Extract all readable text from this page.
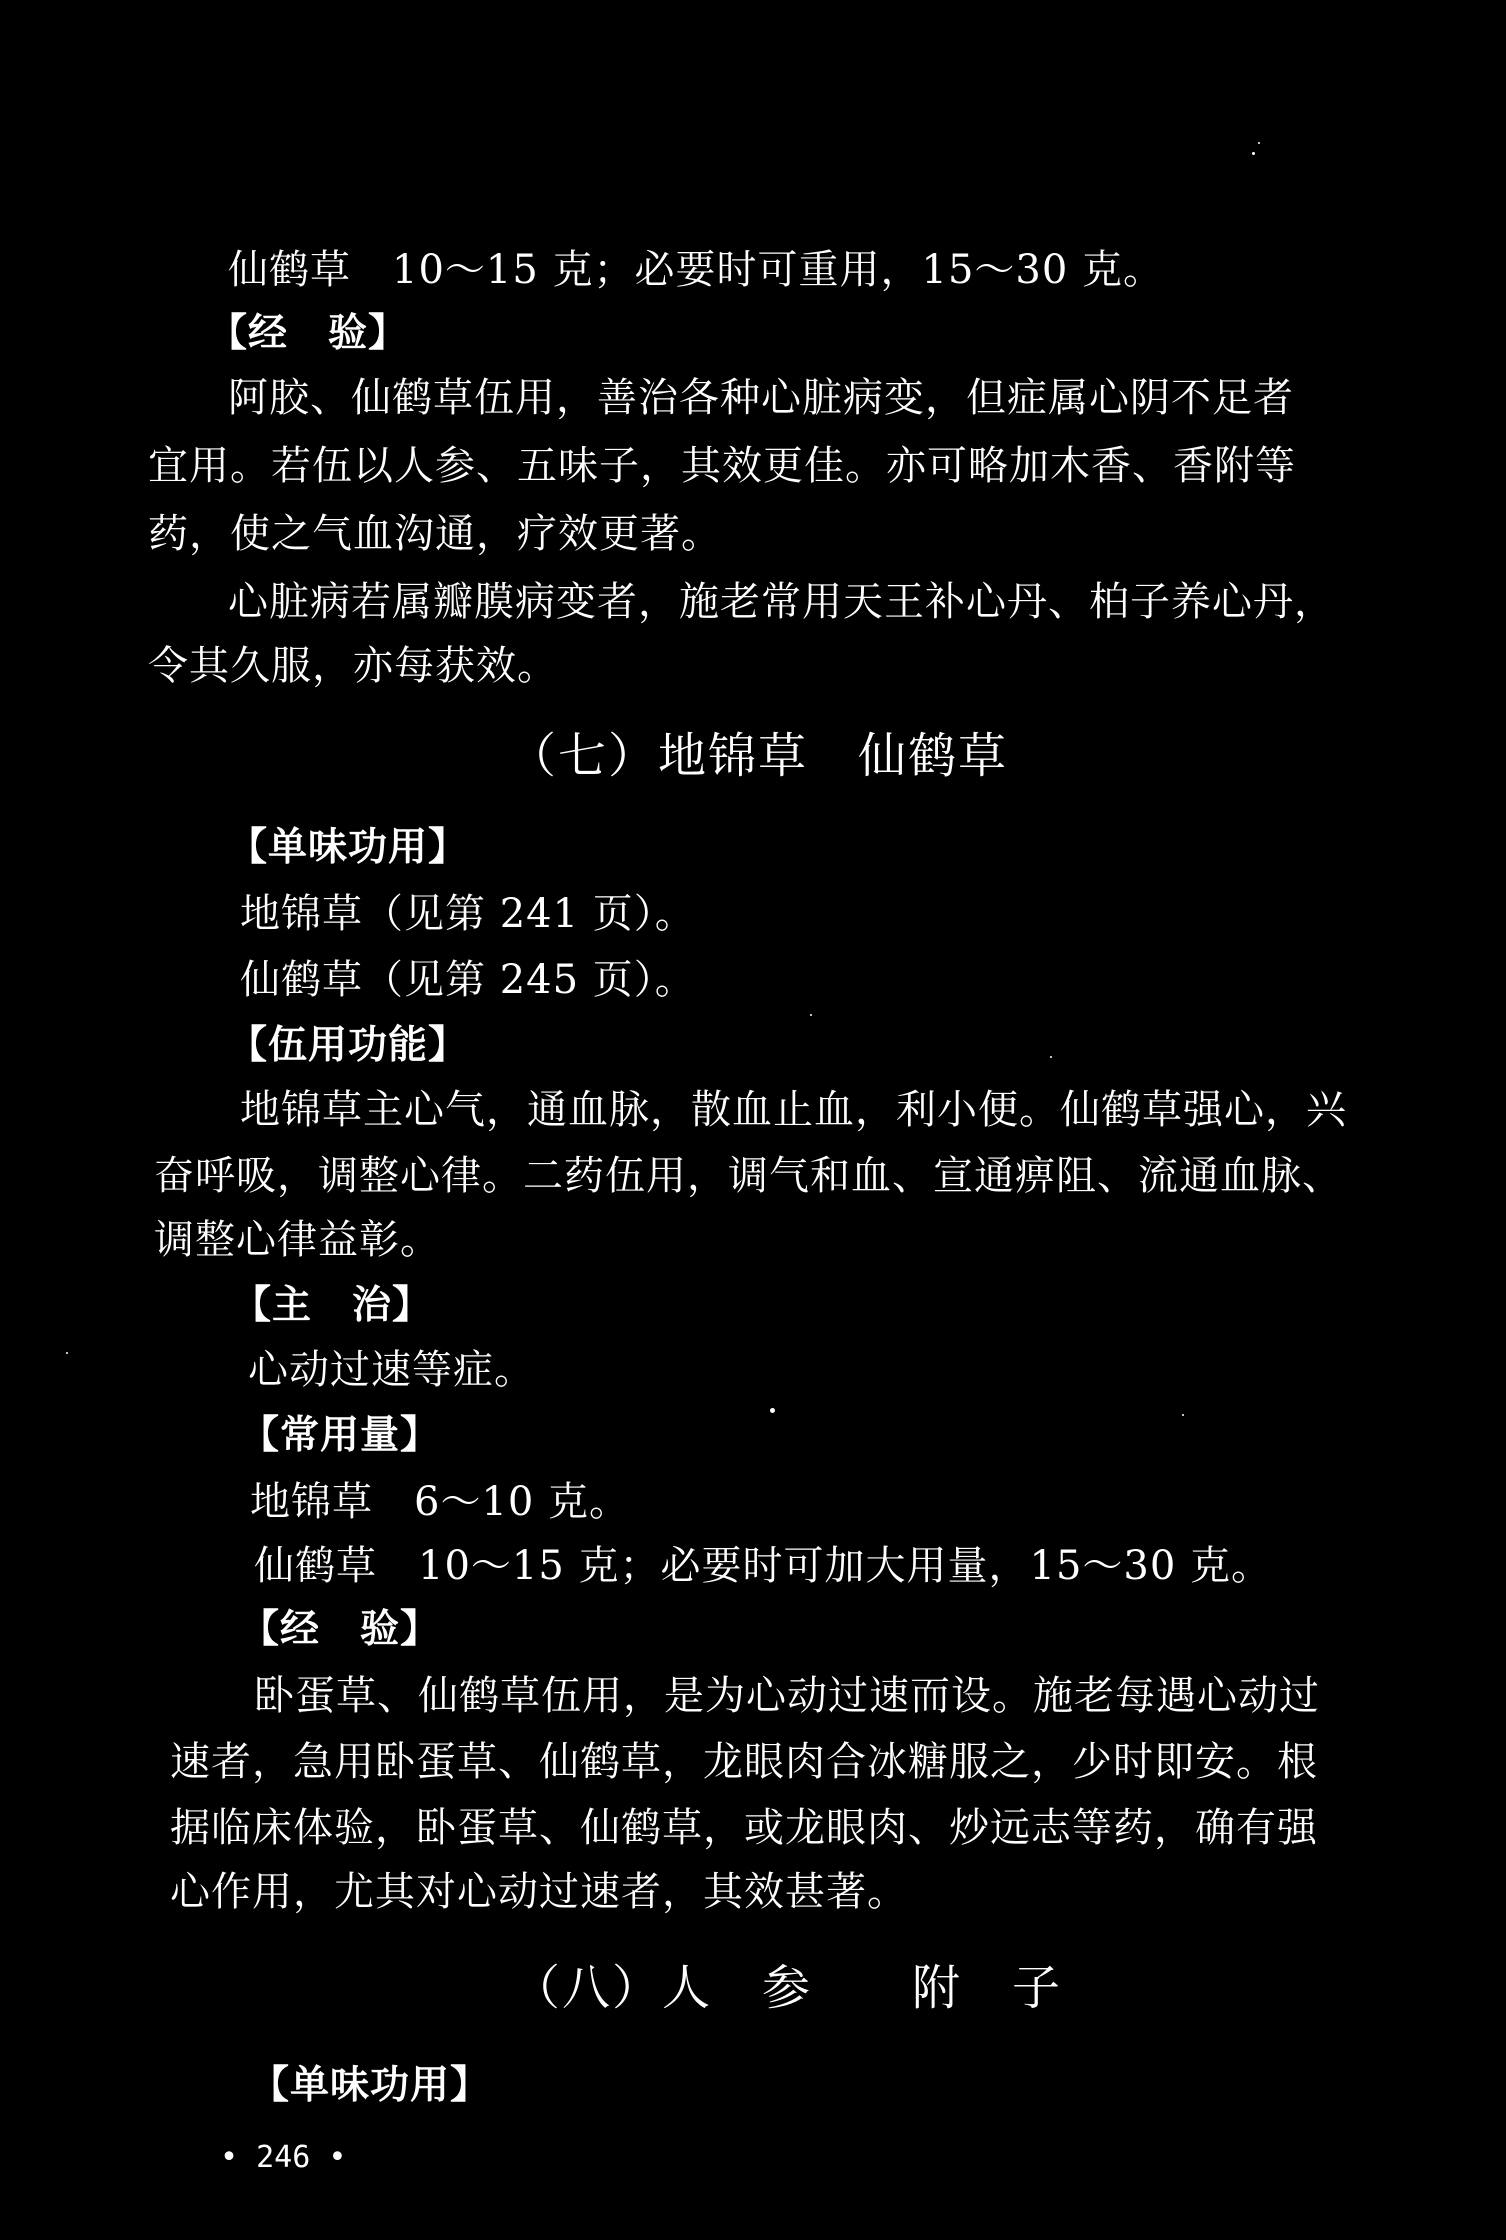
仙鹤草　10～15 克；必要时可重用，15～30 克。
【经　验】
阿胶、仙鹤草伍用，善治各种心脏病变，但症属心阴不足者
宜用。若伍以人参、五味子，其效更佳。亦可略加木香、香附等
药，使之气血沟通，疗效更著。
心脏病若属瓣膜病变者，施老常用天王补心丹、柏子养心丹，
令其久服，亦每获效。
（七）地锦草　仙鹤草
【单味功用】
地锦草（见第 241 页）。
仙鹤草（见第 245 页）。
【伍用功能】
地锦草主心气，通血脉，散血止血，利小便。仙鹤草强心，兴
奋呼吸，调整心律。二药伍用，调气和血、宣通痹阻、流通血脉、
调整心律益彰。
【主　治】
心动过速等症。
【常用量】
地锦草　6～10 克。
仙鹤草　10～15 克；必要时可加大用量，15～30 克。
【经　验】
卧蛋草、仙鹤草伍用，是为心动过速而设。施老每遇心动过
速者，急用卧蛋草、仙鹤草，龙眼肉合冰糖服之，少时即安。根
据临床体验，卧蛋草、仙鹤草，或龙眼肉、炒远志等药，确有强
心作用，尤其对心动过速者，其效甚著。
（八）人　参　　附　子
【单味功用】
• 246 •
